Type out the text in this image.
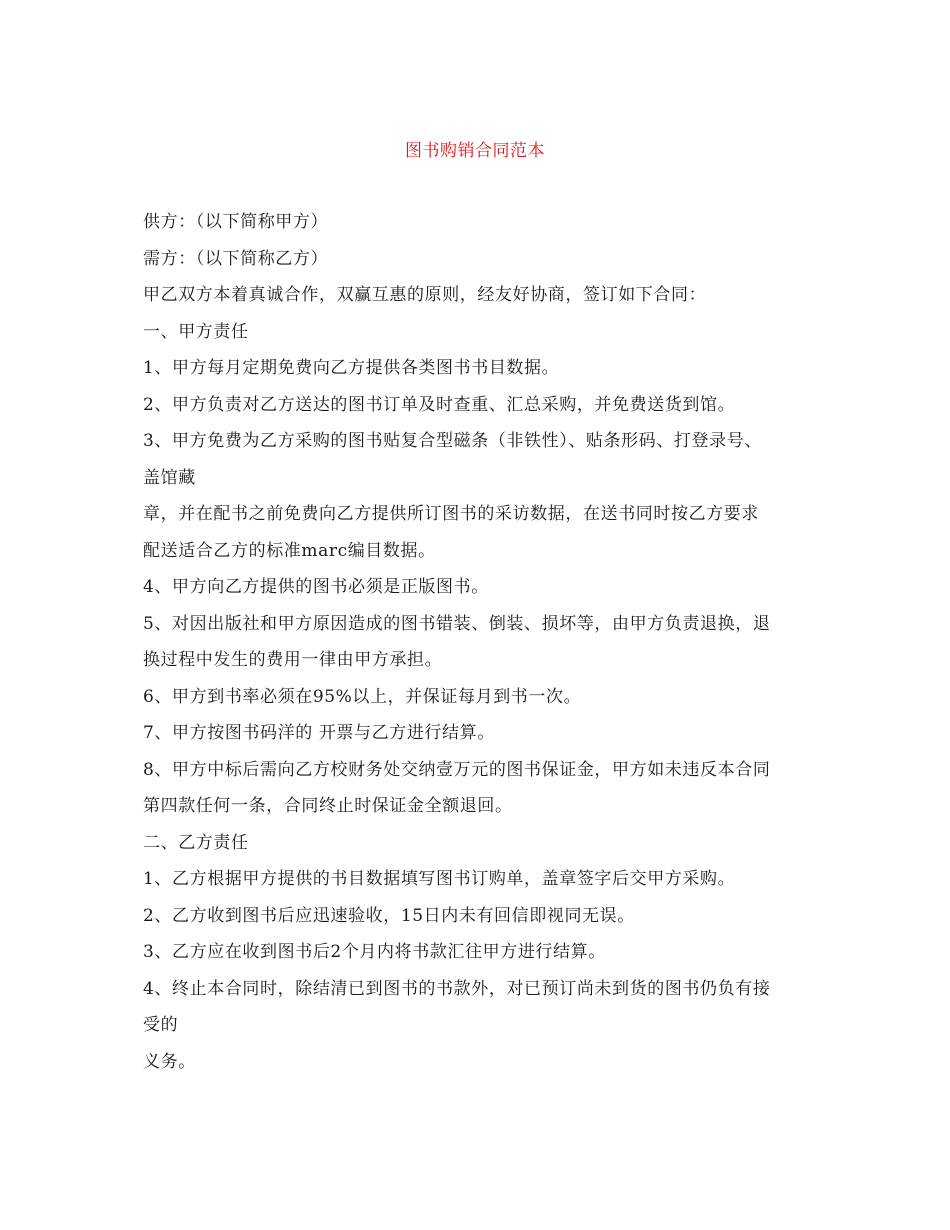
图书购销合同范本
供方：（以下简称甲方）
需方：（以下简称乙方）
甲乙双方本着真诚合作，双赢互惠的原则，经友好协商，签订如下合同：
一、甲方责任
1、甲方每月定期免费向乙方提供各类图书书目数据。
2、甲方负责对乙方送达的图书订单及时查重、汇总采购，并免费送货到馆。
3、甲方免费为乙方采购的图书贴复合型磁条（非铁性）、贴条形码、打登录号、
盖馆藏
章，并在配书之前免费向乙方提供所订图书的采访数据，在送书同时按乙方要求
配送适合乙方的标准marc编目数据。
4、甲方向乙方提供的图书必须是正版图书。
5、对因出版社和甲方原因造成的图书错装、倒装、损坏等，由甲方负责退换，退
换过程中发生的费用一律由甲方承担。
6、甲方到书率必须在95%以上，并保证每月到书一次。
7、甲方按图书码洋的 开票与乙方进行结算。
8、甲方中标后需向乙方校财务处交纳壹万元的图书保证金，甲方如未违反本合同
第四款任何一条，合同终止时保证金全额退回。
二、乙方责任
1、乙方根据甲方提供的书目数据填写图书订购单，盖章签字后交甲方采购。
2、乙方收到图书后应迅速验收，15日内未有回信即视同无误。
3、乙方应在收到图书后2个月内将书款汇往甲方进行结算。
4、终止本合同时，除结清已到图书的书款外，对已预订尚未到货的图书仍负有接
受的
义务。
